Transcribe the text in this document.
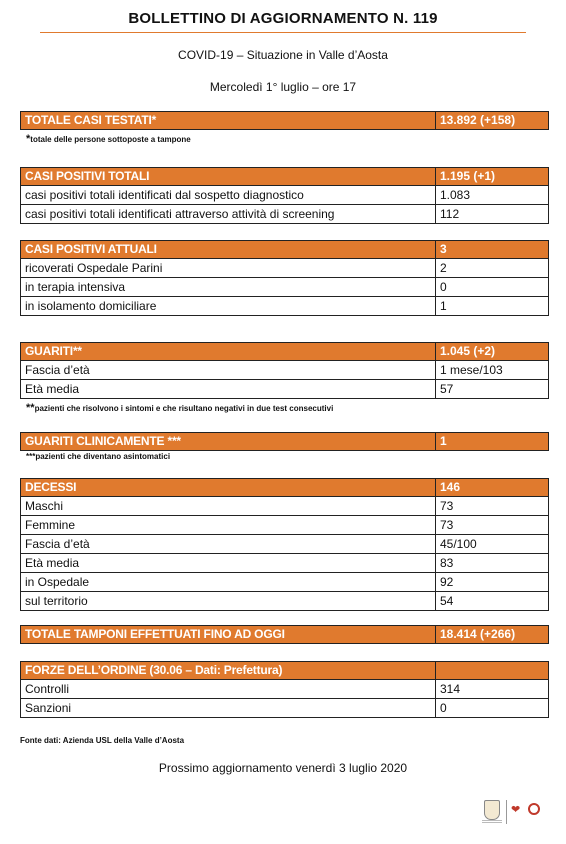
BOLLETTINO DI AGGIORNAMENTO N. 119
COVID-19 – Situazione in Valle d’Aosta
Mercoledì 1° luglio – ore 17
TOTALE CASI TESTATI*	13.892 (+158)
*totale delle persone sottoposte a tampone
CASI POSITIVI TOTALI	1.195 (+1)
casi positivi totali identificati dal sospetto diagnostico	1.083
casi positivi totali identificati attraverso attività di screening	112
CASI POSITIVI ATTUALI	3
ricoverati Ospedale Parini	2
in terapia intensiva	0
in isolamento domiciliare	1
GUARITI**	1.045 (+2)
Fascia d’età	1 mese/103
Età media	57
**pazienti che risolvono i sintomi e che risultano negativi in due test consecutivi
GUARITI CLINICAMENTE ***	1
***pazienti che diventano asintomatici
DECESSI	146
Maschi	73
Femmine	73
Fascia d’età	45/100
Età media	83
in Ospedale	92
sul territorio	54
TOTALE TAMPONI EFFETTUATI FINO AD OGGI	18.414 (+266)
FORZE DELL’ORDINE (30.06 – Dati: Prefettura)	
Controlli	314
Sanzioni	0
Fonte dati: Azienda USL della Valle d’Aosta
Prossimo aggiornamento venerdì 3 luglio 2020
❤
